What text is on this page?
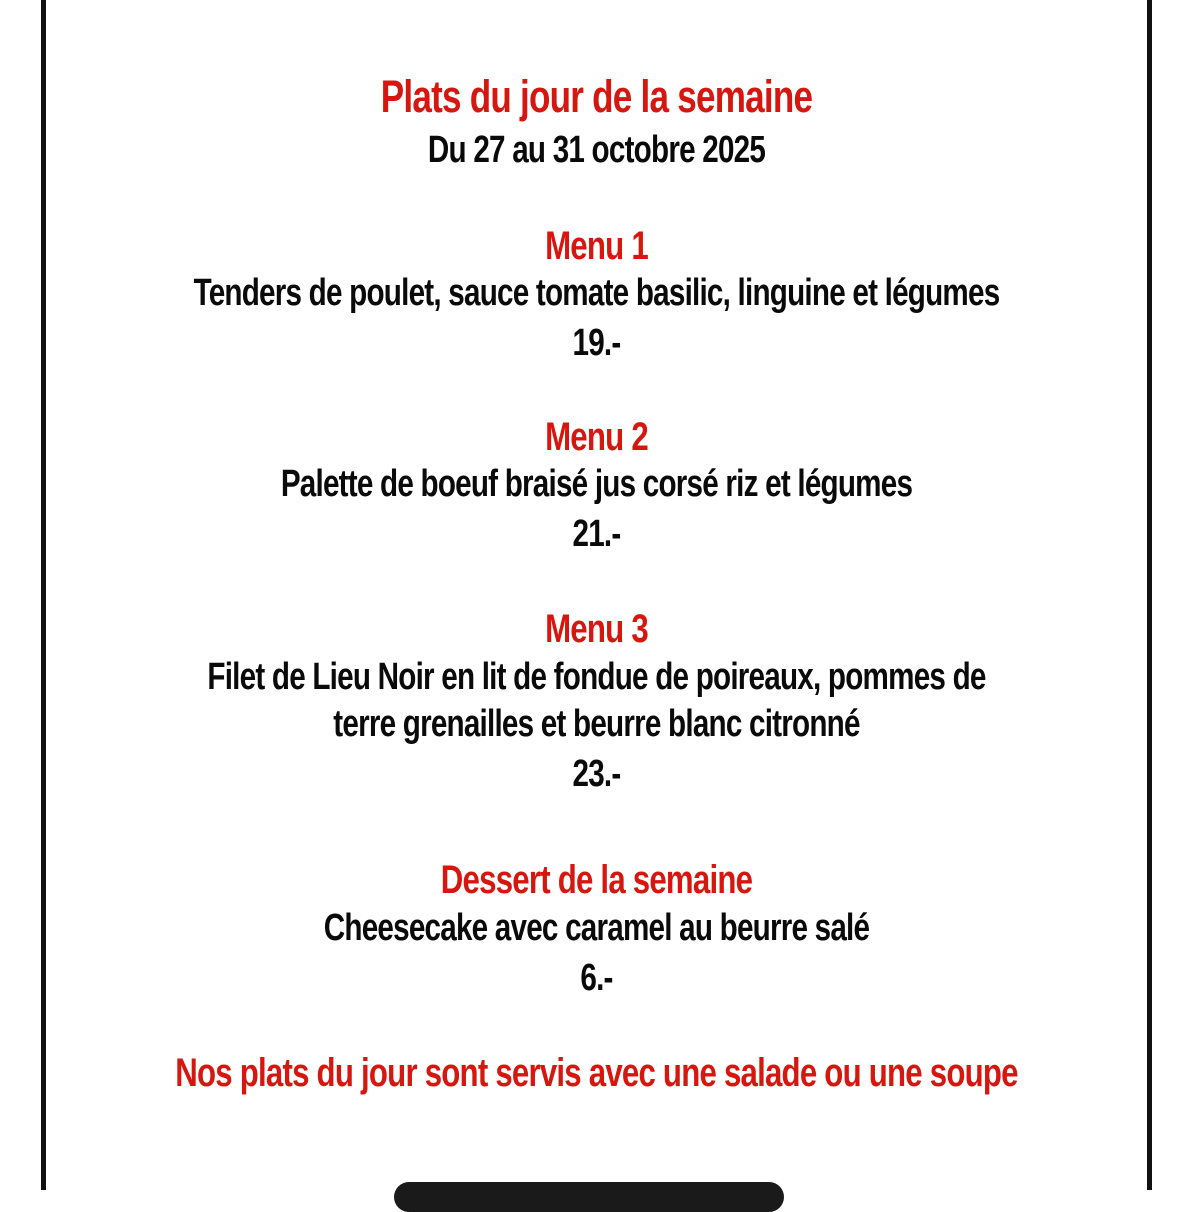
Plats du jour de la semaine
Du 27 au 31 octobre 2025
Menu 1
Tenders de poulet, sauce tomate basilic, linguine et légumes
19.-
Menu 2
Palette de boeuf braisé jus corsé riz et légumes
21.-
Menu 3
Filet de Lieu Noir en lit de fondue de poireaux, pommes de
terre grenailles et beurre blanc citronné
23.-
Dessert de la semaine
Cheesecake avec caramel au beurre salé
6.-
Nos plats du jour sont servis avec une salade ou une soupe
